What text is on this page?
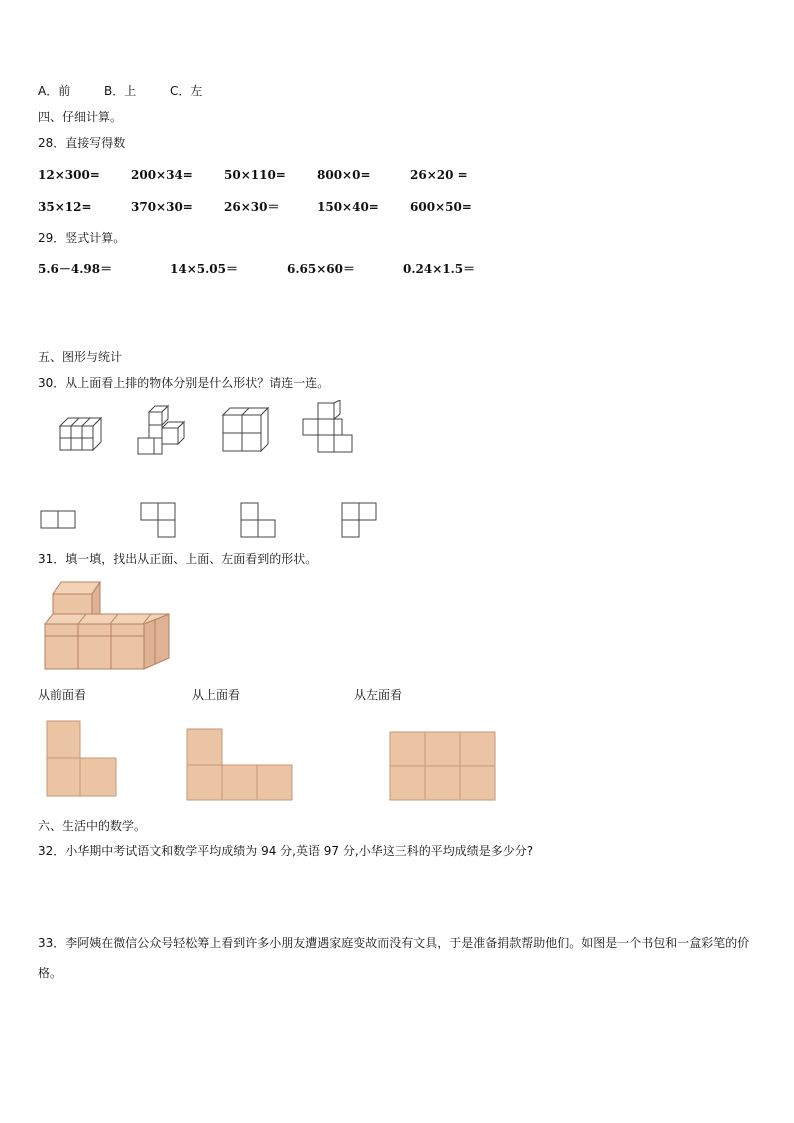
A．前	B．上	C．左
四、仔细计算。
28．直接写得数
12×300=	200×34=	50×110=	800×0=	26×20 =
35×12=	370×30=	26×30＝	150×40=	600×50=
29．竖式计算。
5.6－4.98＝	14×5.05＝	6.65×60＝	0.24×1.5＝
五、图形与统计
30．从上面看上排的物体分别是什么形状？请连一连。
31．填一填，找出从正面、上面、左面看到的形状。
从前面看	从上面看	从左面看
六、生活中的数学。
32．小华期中考试语文和数学平均成绩为 94 分,英语 97 分,小华这三科的平均成绩是多少分?
33．李阿姨在微信公众号轻松筹上看到许多小朋友遭遇家庭变故而没有文具，于是准备捐款帮助他们。如图是一个书包和一盒彩笔的价格。
